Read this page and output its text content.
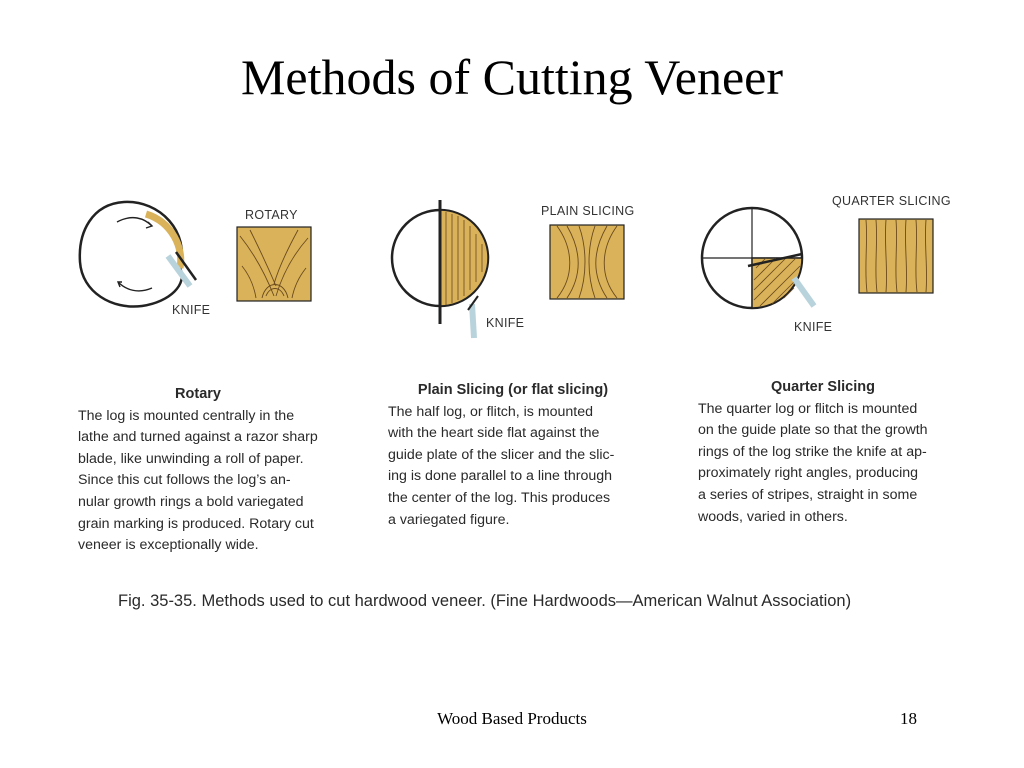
Methods of Cutting Veneer
ROTARY
KNIFE
PLAIN SLICING
KNIFE
QUARTER SLICING
KNIFE
Rotary

The log is mounted centrally in the

lathe and turned against a razor sharp

blade, like unwinding a roll of paper.

Since this cut follows the log’s an-

nular growth rings a bold variegated

grain marking is produced. Rotary cut

veneer is exceptionally wide.

Plain Slicing (or flat slicing)

The half log, or flitch, is mounted

with the heart side flat against the

guide plate of the slicer and the slic-

ing is done parallel to a line through

the center of the log. This produces

a variegated figure.

Quarter Slicing

The quarter log or flitch is mounted

on the guide plate so that the growth

rings of the log strike the knife at ap-

proximately right angles, producing

a series of stripes, straight in some

woods, varied in others.

Fig. 35-35. Methods used to cut hardwood veneer. (Fine Hardwoods—American Walnut Association)
Wood Based Products	18
